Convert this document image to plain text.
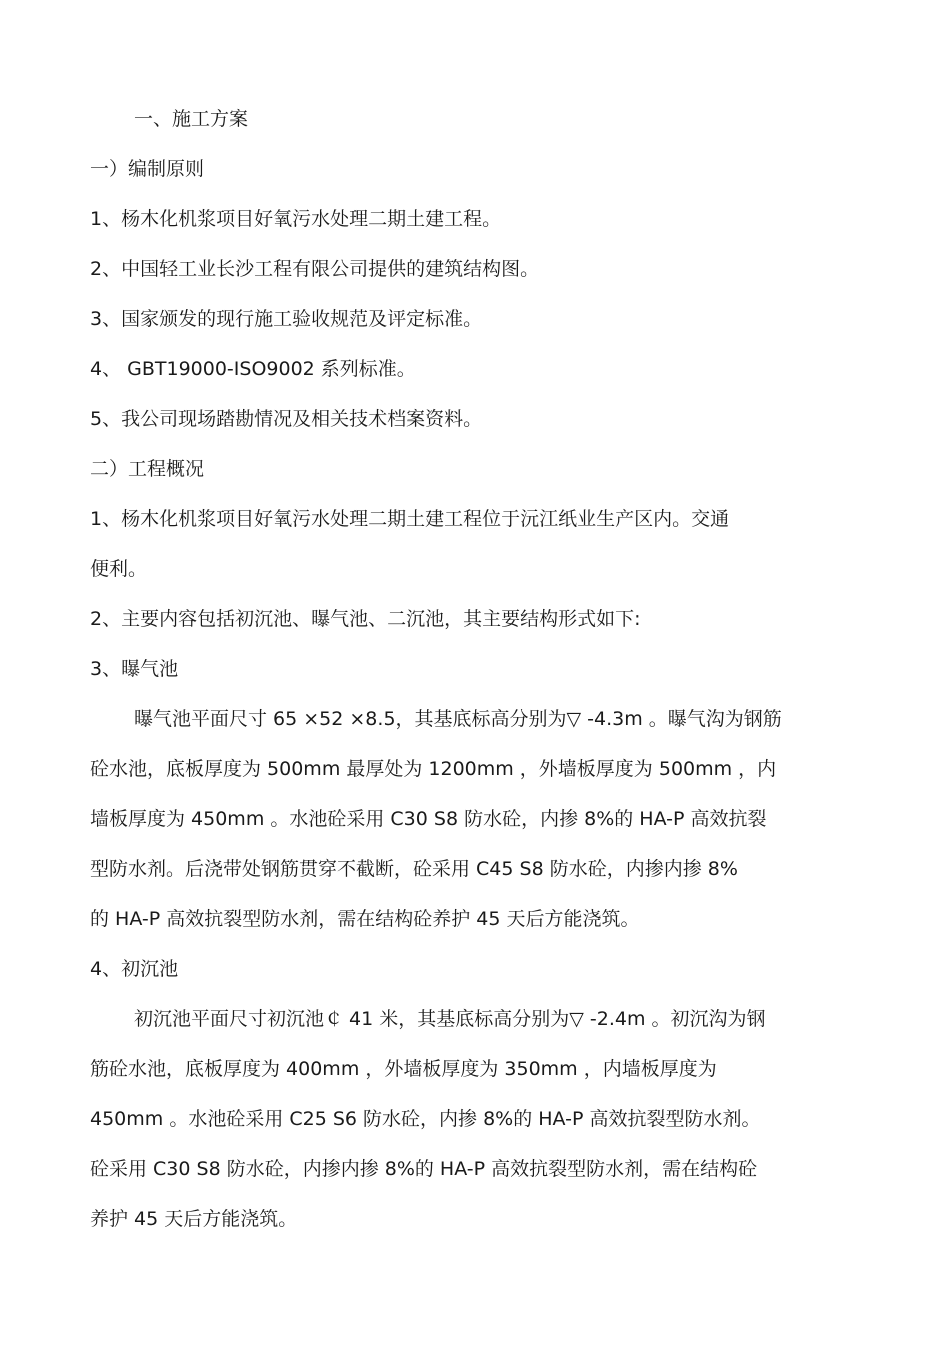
一、施工方案
一）编制原则
1、杨木化机浆项目好氧污水处理二期土建工程。
2、中国轻工业长沙工程有限公司提供的建筑结构图。
3、国家颁发的现行施工验收规范及评定标准。
4、 GBT19000-ISO9002 系列标准。
5、我公司现场踏勘情况及相关技术档案资料。
二）工程概况
1、杨木化机浆项目好氧污水处理二期土建工程位于沅江纸业生产区内。交通
便利。
2、主要内容包括初沉池、曝气池、二沉池，其主要结构形式如下:
3、曝气池
曝气池平面尺寸 65 ×52 ×8.5，其基底标高分别为▽ -4.3m 。曝气沟为钢筋
砼水池，底板厚度为 500mm 最厚处为 1200mm ，外墙板厚度为 500mm ，内
墙板厚度为 450mm 。水池砼采用 C30 S8 防水砼，内掺 8%的 HA-P 高效抗裂
型防水剂。后浇带处钢筋贯穿不截断，砼采用 C45 S8 防水砼，内掺内掺 8%
的 HA-P 高效抗裂型防水剂，需在结构砼养护 45 天后方能浇筑。
4、初沉池
初沉池平面尺寸初沉池￠ 41 米，其基底标高分别为▽ -2.4m 。初沉沟为钢
筋砼水池，底板厚度为 400mm ，外墙板厚度为 350mm ，内墙板厚度为
450mm 。水池砼采用 C25 S6 防水砼，内掺 8%的 HA-P 高效抗裂型防水剂。
砼采用 C30 S8 防水砼，内掺内掺 8%的 HA-P 高效抗裂型防水剂，需在结构砼
养护 45 天后方能浇筑。
